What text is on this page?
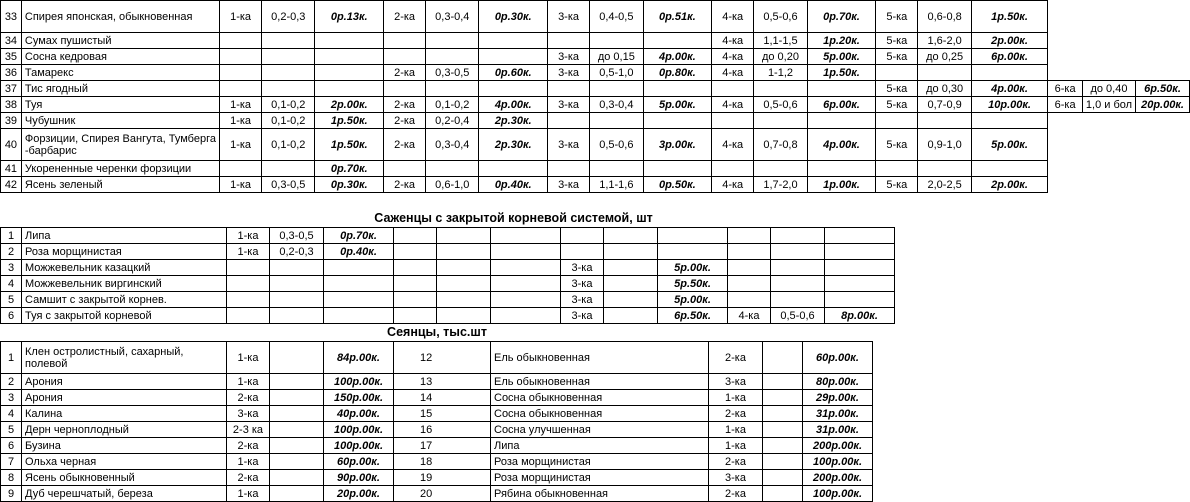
33	Спирея японская, обыкновенная	1-ка	0,2-0,3	0р.13к.	2-ка	0,3-0,4	0р.30к.	3-ка	0,4-0,5	0р.51к.	4-ка	0,5-0,6	0р.70к.	5-ка	0,6-0,8	1р.50к.			
34	Сумах пушистый										4-ка	1,1-1,5	1р.20к.	5-ка	1,6-2,0	2р.00к.			
35	Сосна кедровая							3-ка	до 0,15	4р.00к.	4-ка	до 0,20	5р.00к.	5-ка	до 0,25	6р.00к.			
36	Тамарекс				2-ка	0,3-0,5	0р.60к.	3-ка	0,5-1,0	0р.80к.	4-ка	1-1,2	1р.50к.						
37	Тис ягодный													5-ка	до 0,30	4р.00к.	6-ка	до 0,40	6р.50к.
38	Туя	1-ка	0,1-0,2	2р.00к.	2-ка	0,1-0,2	4р.00к.	3-ка	0,3-0,4	5р.00к.	4-ка	0,5-0,6	6р.00к.	5-ка	0,7-0,9	10р.00к.	6-ка	1,0 и бол	20р.00к.
39	Чубушник	1-ка	0,1-0,2	1р.50к.	2-ка	0,2-0,4	2р.30к.												
40	Форзиции, Спирея Вангута, Тумберга -барбарис	1-ка	0,1-0,2	1р.50к.	2-ка	0,3-0,4	2р.30к.	3-ка	0,5-0,6	3р.00к.	4-ка	0,7-0,8	4р.00к.	5-ка	0,9-1,0	5р.00к.			
41	Укорененные черенки форзиции			0р.70к.															
42	Ясень зеленый	1-ка	0,3-0,5	0р.30к.	2-ка	0,6-1,0	0р.40к.	3-ка	1,1-1,6	0р.50к.	4-ка	1,7-2,0	1р.00к.	5-ка	2,0-2,5	2р.00к.			
Саженцы с закрытой корневой системой, шт
1	Липа	1-ка	0,3-0,5	0р.70к.									
2	Роза морщинистая	1-ка	0,2-0,3	0р.40к.									
3	Можжевельник казацкий							3-ка		5р.00к.			
4	Можжевельник виргинский							3-ка		5р.50к.			
5	Самшит с закрытой корнев.							3-ка		5р.00к.			
6	Туя с закрытой корневой							3-ка		6р.50к.	4-ка	0,5-0,6	8р.00к.
Сеянцы, тыс.шт
1	Клен остролистный, сахарный, полевой	1-ка		84р.00к.	12	Ель обыкновенная	2-ка		60р.00к.
2	Арония	1-ка		100р.00к.	13	Ель обыкновенная	3-ка		80р.00к.
3	Арония	2-ка		150р.00к.	14	Сосна обыкновенная	1-ка		29р.00к.
4	Калина	3-ка		40р.00к.	15	Сосна обыкновенная	2-ка		31р.00к.
5	Дерн черноплодный	2-3 ка		100р.00к.	16	Сосна улучшенная	1-ка		31р.00к.
6	Бузина	2-ка		100р.00к.	17	Липа	1-ка		200р.00к.
7	Ольха черная	1-ка		60р.00к.	18	Роза морщинистая	2-ка		100р.00к.
8	Ясень обыкновенный	2-ка		90р.00к.	19	Роза морщинистая	3-ка		200р.00к.
9	Дуб черешчатый, береза	1-ка		20р.00к.	20	Рябина обыкновенная	2-ка		100р.00к.
